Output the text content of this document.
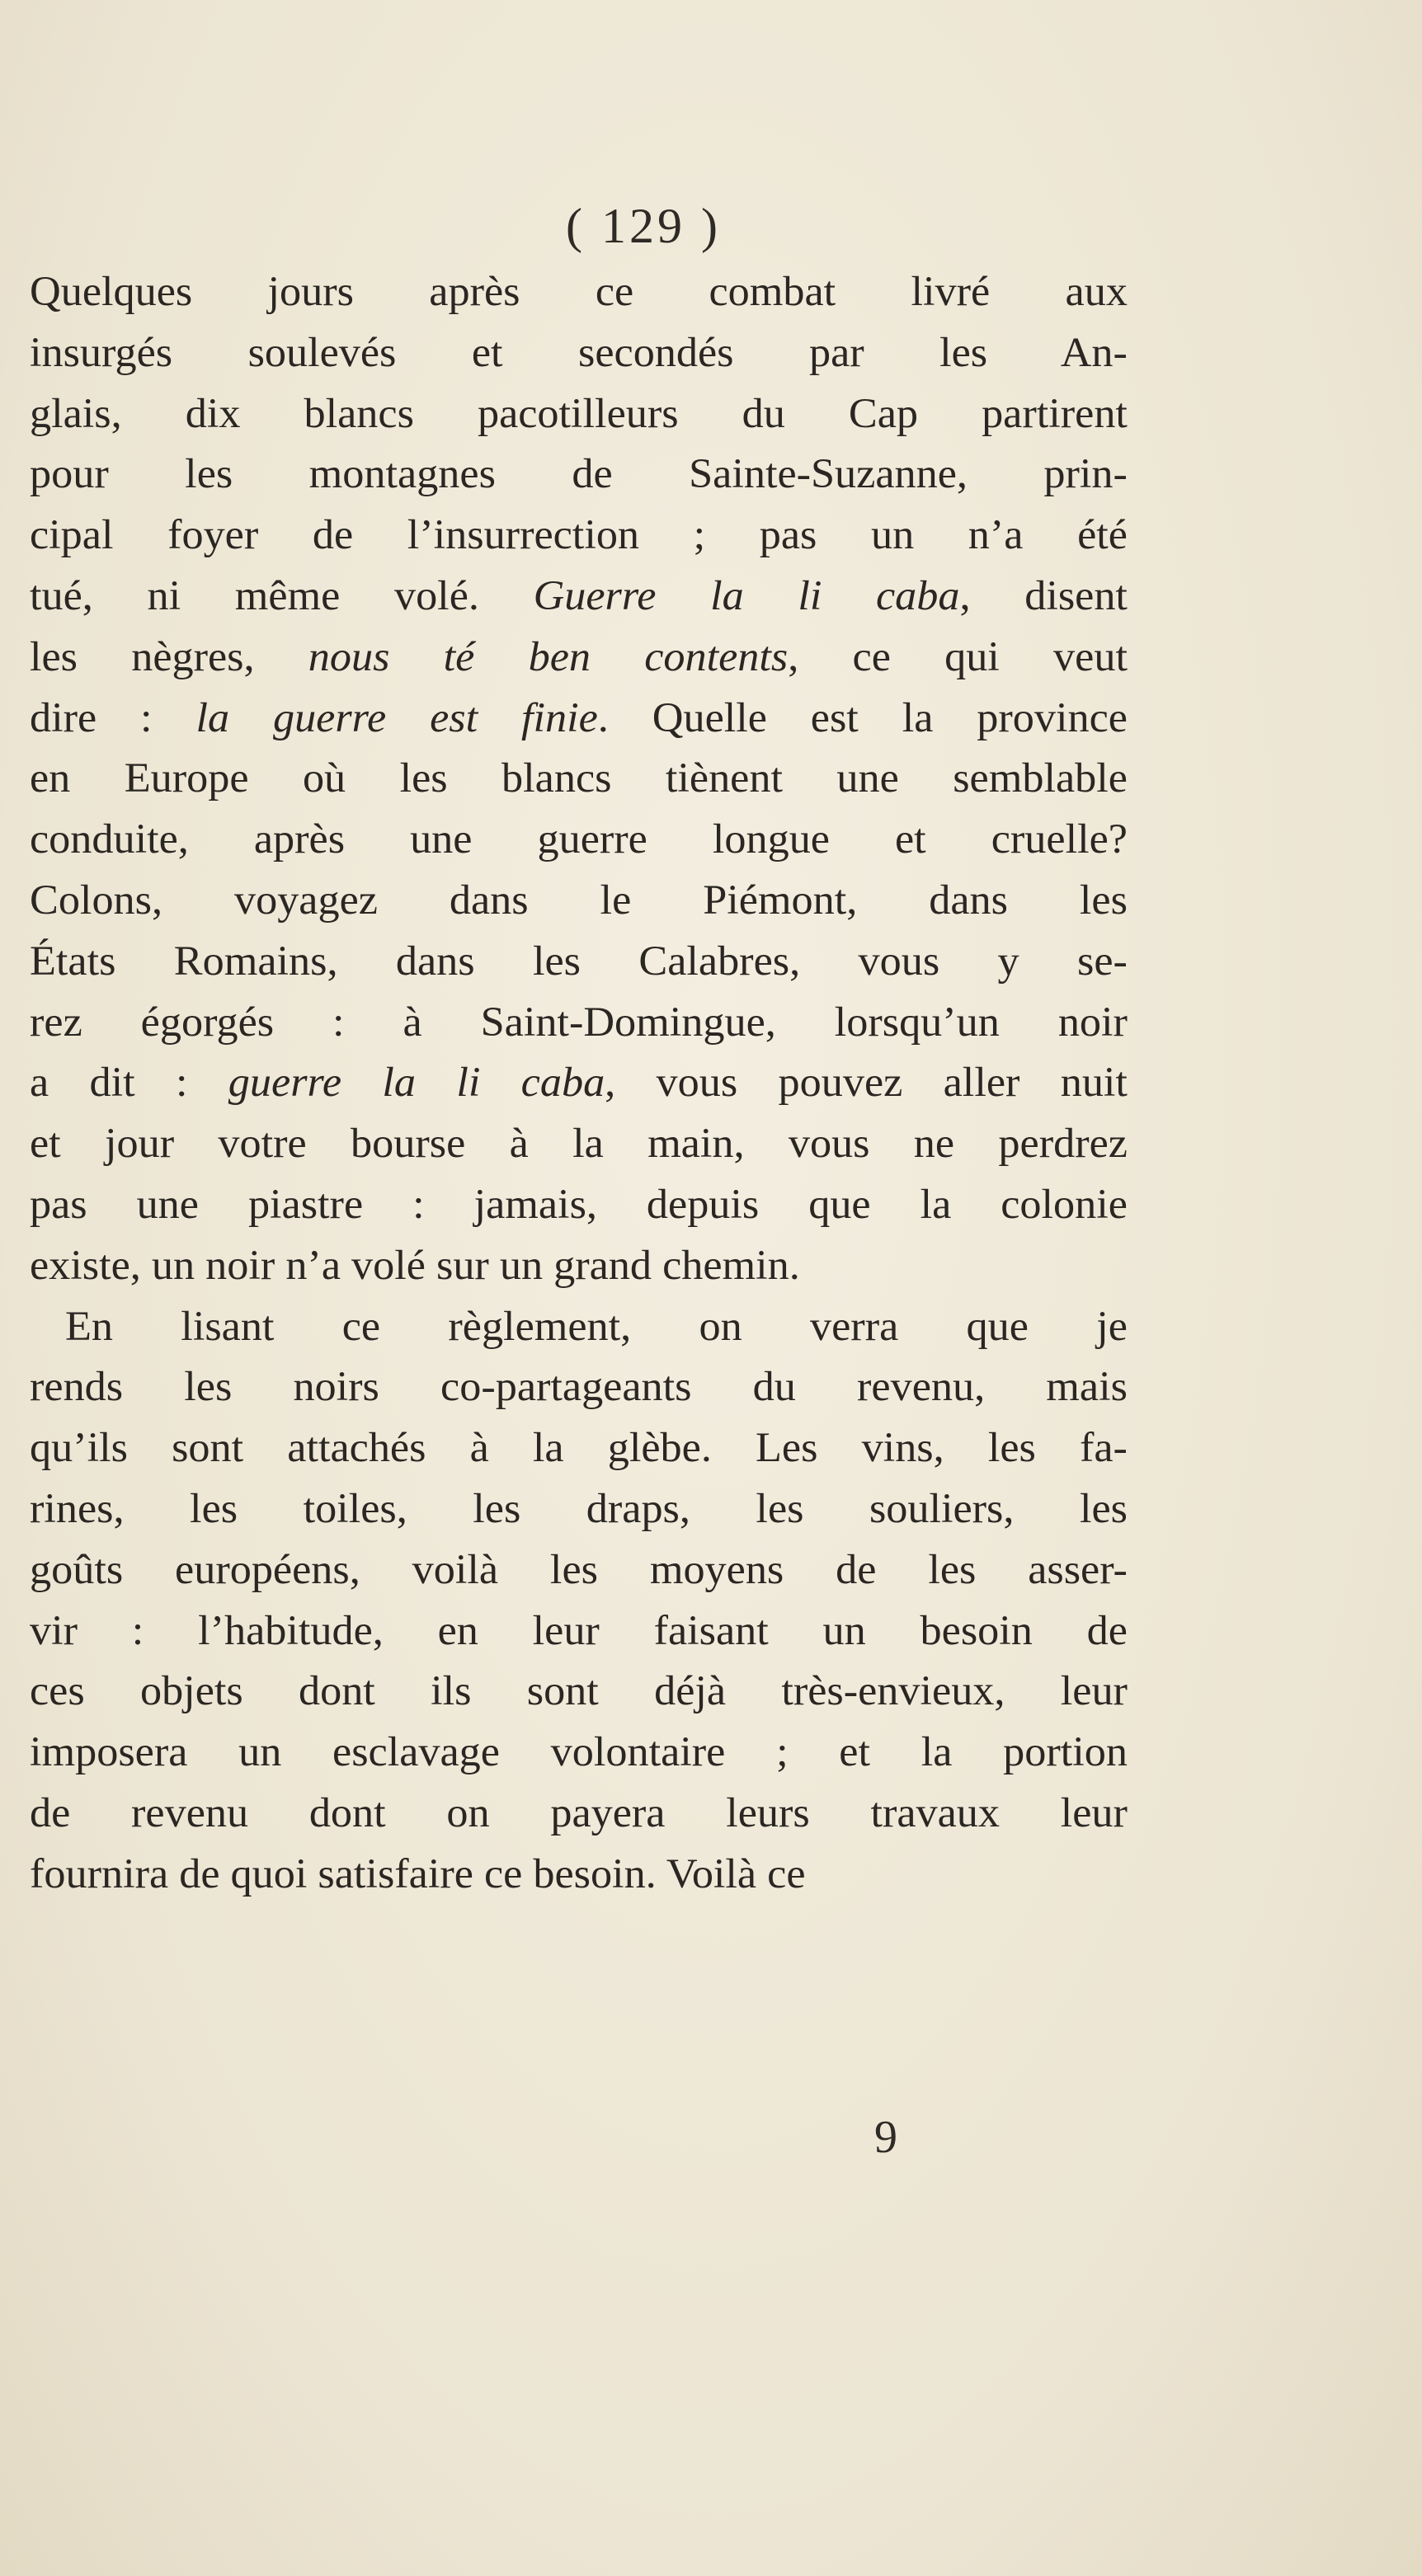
( 129 )

Quelques jours après ce combat livré aux
insurgés soulevés et secondés par les An-
glais, dix blancs pacotilleurs du Cap partirent
pour les montagnes de Sainte-Suzanne, prin-
cipal foyer de l’insurrection ; pas un n’a été
tué, ni même volé. Guerre la li caba, disent
les nègres, nous té ben contents, ce qui veut
dire : la guerre est finie. Quelle est la province
en Europe où les blancs tiènent une semblable
conduite, après une guerre longue et cruelle?
Colons, voyagez dans le Piémont, dans les
États Romains, dans les Calabres, vous y se-
rez égorgés : à Saint-Domingue, lorsqu’un noir
a dit : guerre la li caba, vous pouvez aller nuit
et jour votre bourse à la main, vous ne perdrez
pas une piastre : jamais, depuis que la colonie
existe, un noir n’a volé sur un grand chemin.

En lisant ce règlement, on verra que je
rends les noirs co-partageants du revenu, mais
qu’ils sont attachés à la glèbe. Les vins, les fa-
rines, les toiles, les draps, les souliers, les
goûts européens, voilà les moyens de les asser-
vir : l’habitude, en leur faisant un besoin de
ces objets dont ils sont déjà très-envieux, leur
imposera un esclavage volontaire ; et la portion
de revenu dont on payera leurs travaux leur
fournira de quoi satisfaire ce besoin. Voilà ce

9
